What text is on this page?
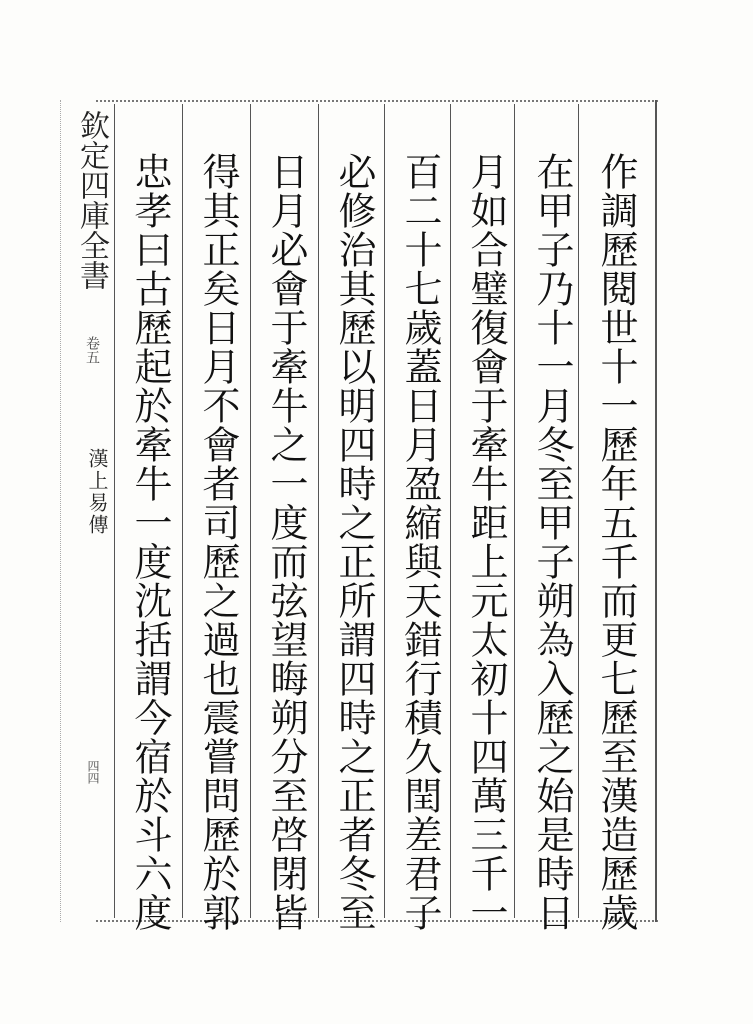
作調歷閱世十一歷年五千而更七歷至漢造歷歲
在甲子乃十一月冬至甲子朔為入歷之始是時日
月如合璧復會于牽牛距上元太初十四萬三千一
百二十七歲蓋日月盈縮與天錯行積久閏差君子
必修治其歷以明四時之正所謂四時之正者冬至
日月必會于牽牛之一度而弦望晦朔分至啓閉皆
得其正矣日月不會者司歷之過也震嘗問歷於郭
忠孝曰古歷起於牽牛一度沈括謂今宿於斗六度
欽定四庫全書
卷五
漢上易傳
四四
